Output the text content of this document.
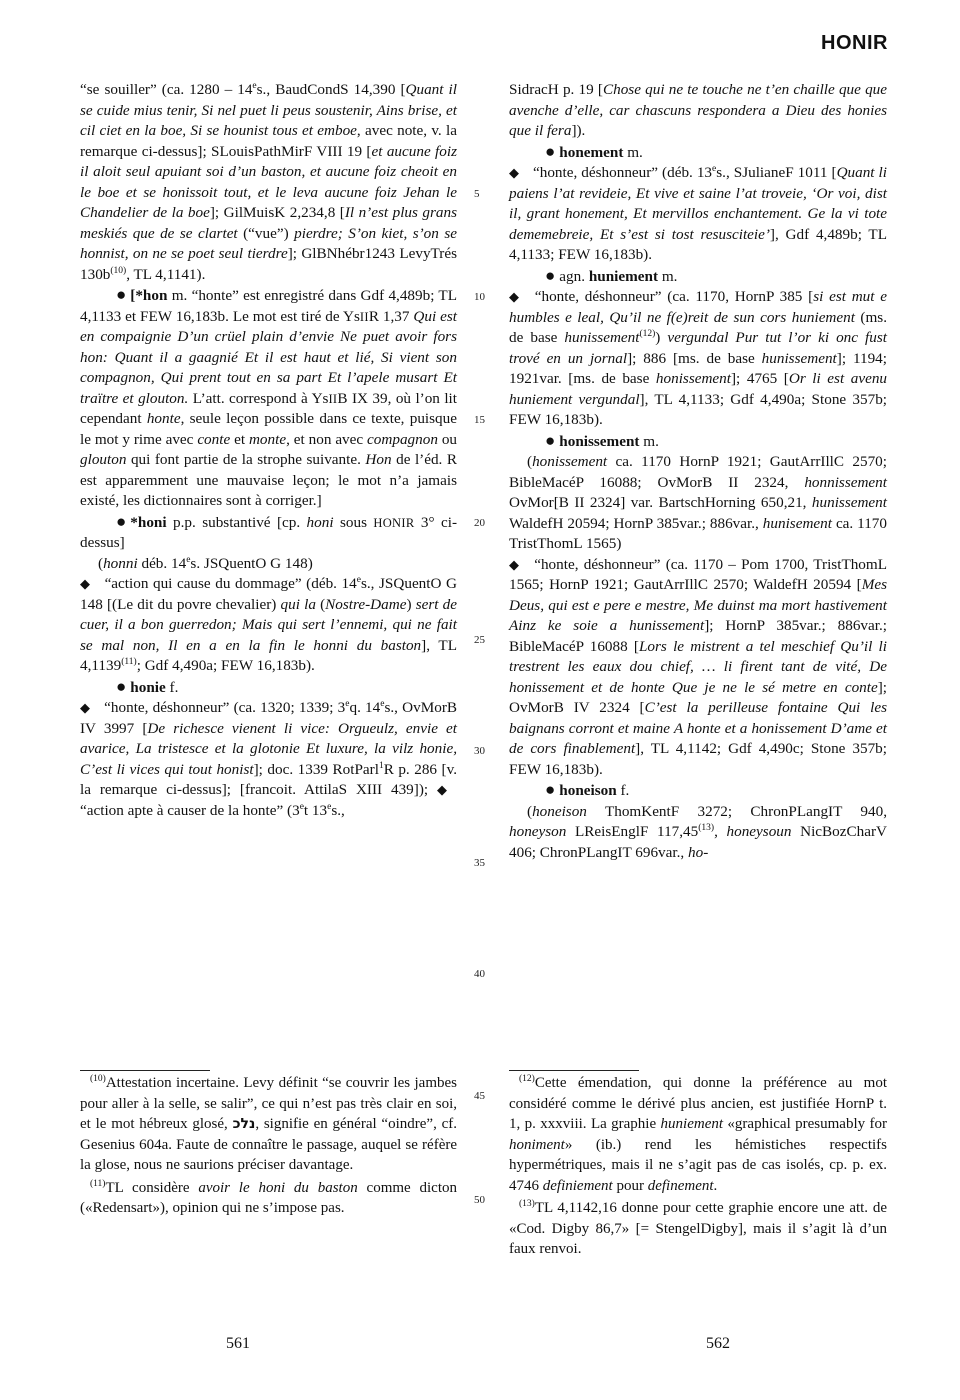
HONIR

“se souiller” (ca. 1280 – 14es., BaudCondS 14,390 [Quant il se cuide mius tenir, Si nel puet li peus soustenir, Ains brise, et cil ciet en la boe, Si se hounist tous et emboe, avec note, v. la remarque ci-dessus]; SLouisPathMirF VIII 19 [et aucune foiz il aloit seul apuiant soi d’un baston, et aucune foiz cheoit en le boe et se honissoit tout, et le leva aucune foiz Jehan le Chandelier de la boe]; GilMuisK 2,234,8 [Il n’est plus grans meskiés que de se clartet (“vue”) pierdre; S’on kiet, s’on se honnist, on ne se poet seul tierdre]; GlBNhébr1243 LevyTrés $130b^{(10)}$, TL 4,1141).

● [*hon m. “honte” est enregistré dans Gdf 4,489b; TL 4,1133 et FEW 16,183b. Le mot est tiré de YsIIR 1,37 Qui est en compaignie D’un crüel plain d’envie Ne puet avoir fors hon: Quant il a gaagnié Et il est haut et lié, Si vient son compagnon, Qui prent tout en sa part Et l’apele musart Et traïtre et glouton. L’att. correspond à YsIIB IX 39, où l’on lit cependant honte, seule leçon possible dans ce texte, puisque le mot y rime avec conte et monte, et non avec compagnon ou glouton qui font partie de la strophe suivante. Hon de l’éd. R est apparemment une mauvaise leçon; le mot n’a jamais existé, les dictionnaires sont à corriger.]

● *honi p.p. substantivé [cp. honi sous HONIR 3° ci-dessus]

(honni déb. 14es. JSQuentO G 148)

◆ “action qui cause du dommage” (déb. 14es., JSQuentO G 148 [(Le dit du povre chevalier) qui la (Nostre-Dame) sert de cuer, il a bon guerredon; Mais qui sert l’ennemi, qui ne fait se mal non, Il en a en la fin le honni du baston], TL 4,1139$^{(11)}$; Gdf 4,490a; FEW 16,183b).

● honie f.

◆ “honte, déshonneur” (ca. 1320; 1339; 3eq. 14es., OvMorB IV 3997 [De richesce vienent li vice: Orgueulz, envie et avarice, La tristesce et la glotonie Et luxure, la vilz honie, C’est li vices qui tout honist]; doc. 1339 RotParl$^1$R p. 286 [v. la remarque ci-dessus]; [francoit. AttilaS XIII 439]); ◆ “action apte à causer de la honte” (3et 13es.,

5
10
15
20
25
30
35
40
45
50

SidracH p. 19 [Chose qui ne te touche ne t’en chaille que que avenche d’elle, car chascuns respondera a Dieu des honies que il fera]).

● honement m.

◆ “honte, déshonneur” (déb. 13es., SJulianeF 1011 [Quant li paiens l’at revideie, Et vive et saine l’at troveie, ‘Or voi, dist il, grant honement, Et mervillos enchantement. Ge la vi tote dememebreie, Et s’est si tost resusciteie’], Gdf 4,489b; TL 4,1133; FEW 16,183b).

● agn. huniement m.

◆ “honte, déshonneur” (ca. 1170, HornP 385 [si est mut e humbles e leal, Qu’il ne f(e)reit de sun cors huniement (ms. de base hunissement$^{(12)}$) vergundal Pur tut l’or ki onc fust trové en un jornal]; 886 [ms. de base hunissement]; 1194; 1921var. [ms. de base honissement]; 4765 [Or li est avenu huniement vergundal], TL 4,1133; Gdf 4,490a; Stone 357b; FEW 16,183b).

● honissement m.

(honissement ca. 1170 HornP 1921; GautArrIllC 2570; BibleMacéP 16088; OvMorB II 2324, honnissement OvMor[B II 2324] var. BartschHorning 650,21, hunissement WaldefH 20594; HornP 385var.; 886var., hunisement ca. 1170 TristThomL 1565)

◆ “honte, déshonneur” (ca. 1170 – Pom 1700, TristThomL 1565; HornP 1921; GautArrIllC 2570; WaldefH 20594 [Mes Deus, qui est e pere e mestre, Me duinst ma mort hastivement Ainz ke soie a hunissement]; HornP 385var.; 886var.; BibleMacéP 16088 [Lors le mistrent a tel meschief Qu’il li trestrent les eaux dou chief, … li firent tant de vité, De honissement et de honte Que je ne le sé metre en conte]; OvMorB IV 2324 [C’est la perilleuse fontaine Qui les baignans corront et maine A honte et a honissement D’ame et de cors finablement], TL 4,1142; Gdf 4,490c; Stone 357b; FEW 16,183b).

● honeison f.

(honeison ThomKentF 3272; ChronPLangIT 940, honeyson LReisEnglF 117,45$^{(13)}$, honeysoun NicBozCharV 406; ChronPLangIT 696var., ho-

$^{(10)}$Attestation incertaine. Levy définit “se couvrir les jambes pour aller à la selle, se salir”, ce qui n’est pas très clair en soi, et le mot hébreux glosé, נלכ, signifie en général “oindre”, cf. Gesenius 604a. Faute de connaître le passage, auquel se réfère la glose, nous ne saurions préciser davantage.

$^{(11)}$TL considère avoir le honi du baston comme dicton («Redensart»), opinion qui ne s’impose pas.

$^{(12)}$Cette émendation, qui donne la préférence au mot considéré comme le dérivé plus ancien, est justifiée HornP t. 1, p. xxxviii. La graphie huniement «graphical presumably for honiment» (ib.) rend les hémistiches respectifs hypermétriques, mais il ne s’agit pas de cas isolés, cp. p. ex. 4746 definiement pour definement.

$^{(13)}$TL 4,1142,16 donne pour cette graphie encore une att. de «Cod. Digby 86,7» [= StengelDigby], mais il s’agit là d’un faux renvoi.

561	562
